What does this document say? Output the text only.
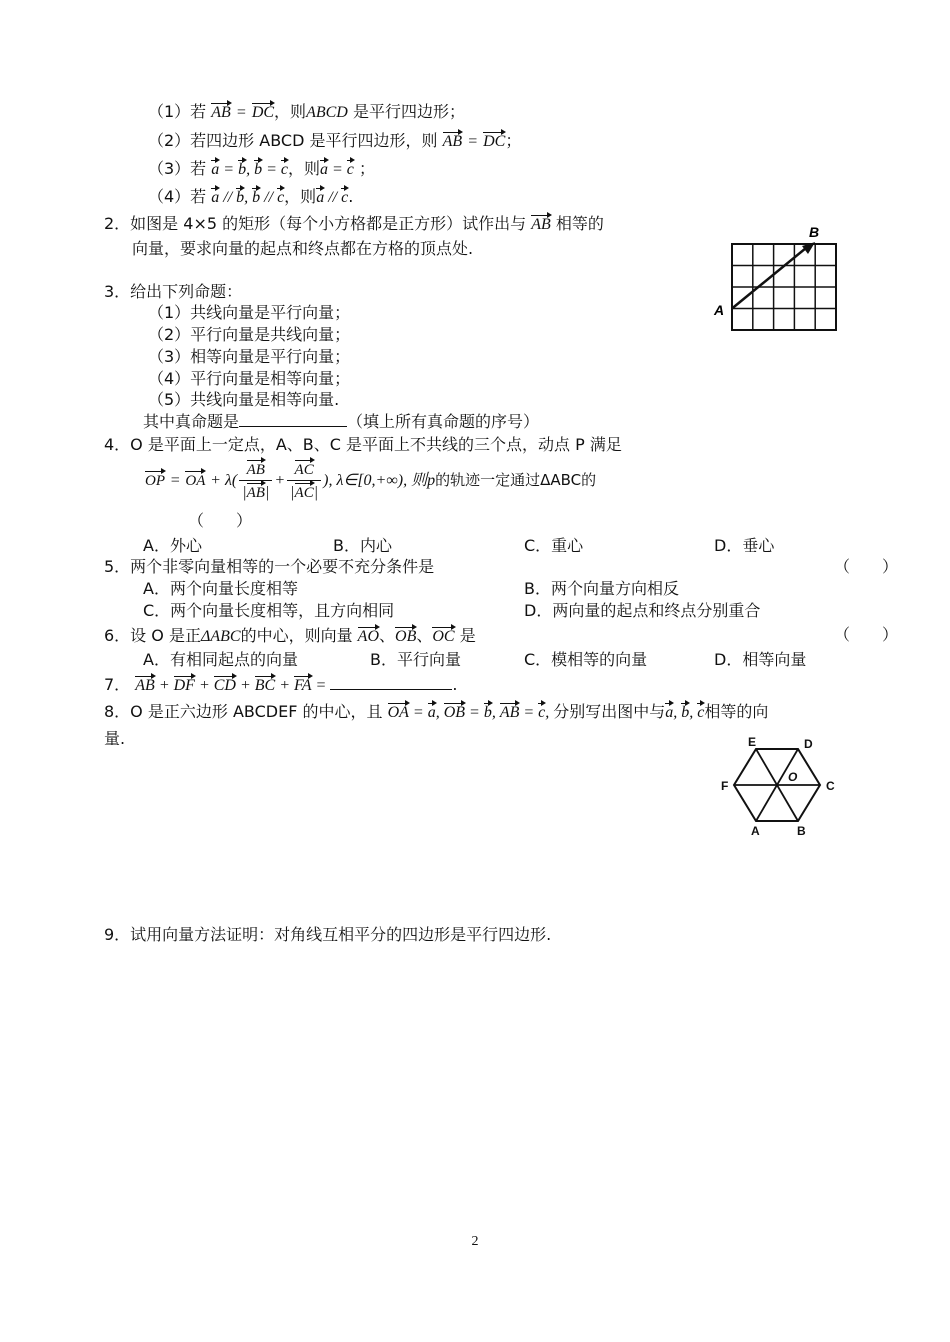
（1）若 AB = DC，则ABCD 是平行四边形；
（2）若四边形 ABCD 是平行四边形，则 AB = DC；
（3）若 a = b, b = c，则a = c ；
（4）若 a // b, b // c，则a // c.
2．如图是 4×5 的矩形（每个小方格都是正方形）试作出与 AB 相等的
向量，要求向量的起点和终点都在方格的顶点处.
B
A
3．给出下列命题：
（1）共线向量是平行向量；
（2）平行向量是共线向量；
（3）相等向量是平行向量；
（4）平行向量是相等向量；
（5）共线向量是相等向量.
其中真命题是	（填上所有真命题的序号）
4．O 是平面上一定点，A、B、C 是平面上不共线的三个点，动点 P 满足
OP = OA + $\lambda( \frac{AB}{|AB|} + \frac{AC}{|AC|}$ ), λ∈[0,+∞), 则p的轨迹一定通过ΔABC的
（　　）
A．外心	B．内心	C．重心	D．垂心
5．两个非零向量相等的一个必要不充分条件是	（　　）
A．两个向量长度相等	B．两个向量方向相反
C．两个向量长度相等，且方向相同	D．两向量的起点和终点分别重合
6．设 O 是正ΔABC的中心，则向量 AO、OB、OC 是	（　　）
A．有相同起点的向量	B．平行向量	C．模相等的向量	D．相等向量
7． AB + DF + CD + BC + FA =	.
8．O 是正六边形 ABCDEF 的中心，且 OA = a, OB = b, AB = c, 分别写出图中与a, b, c相等的向
量.
A	B
C
D
E
F
O
9．试用向量方法证明：对角线互相平分的四边形是平行四边形.
2
